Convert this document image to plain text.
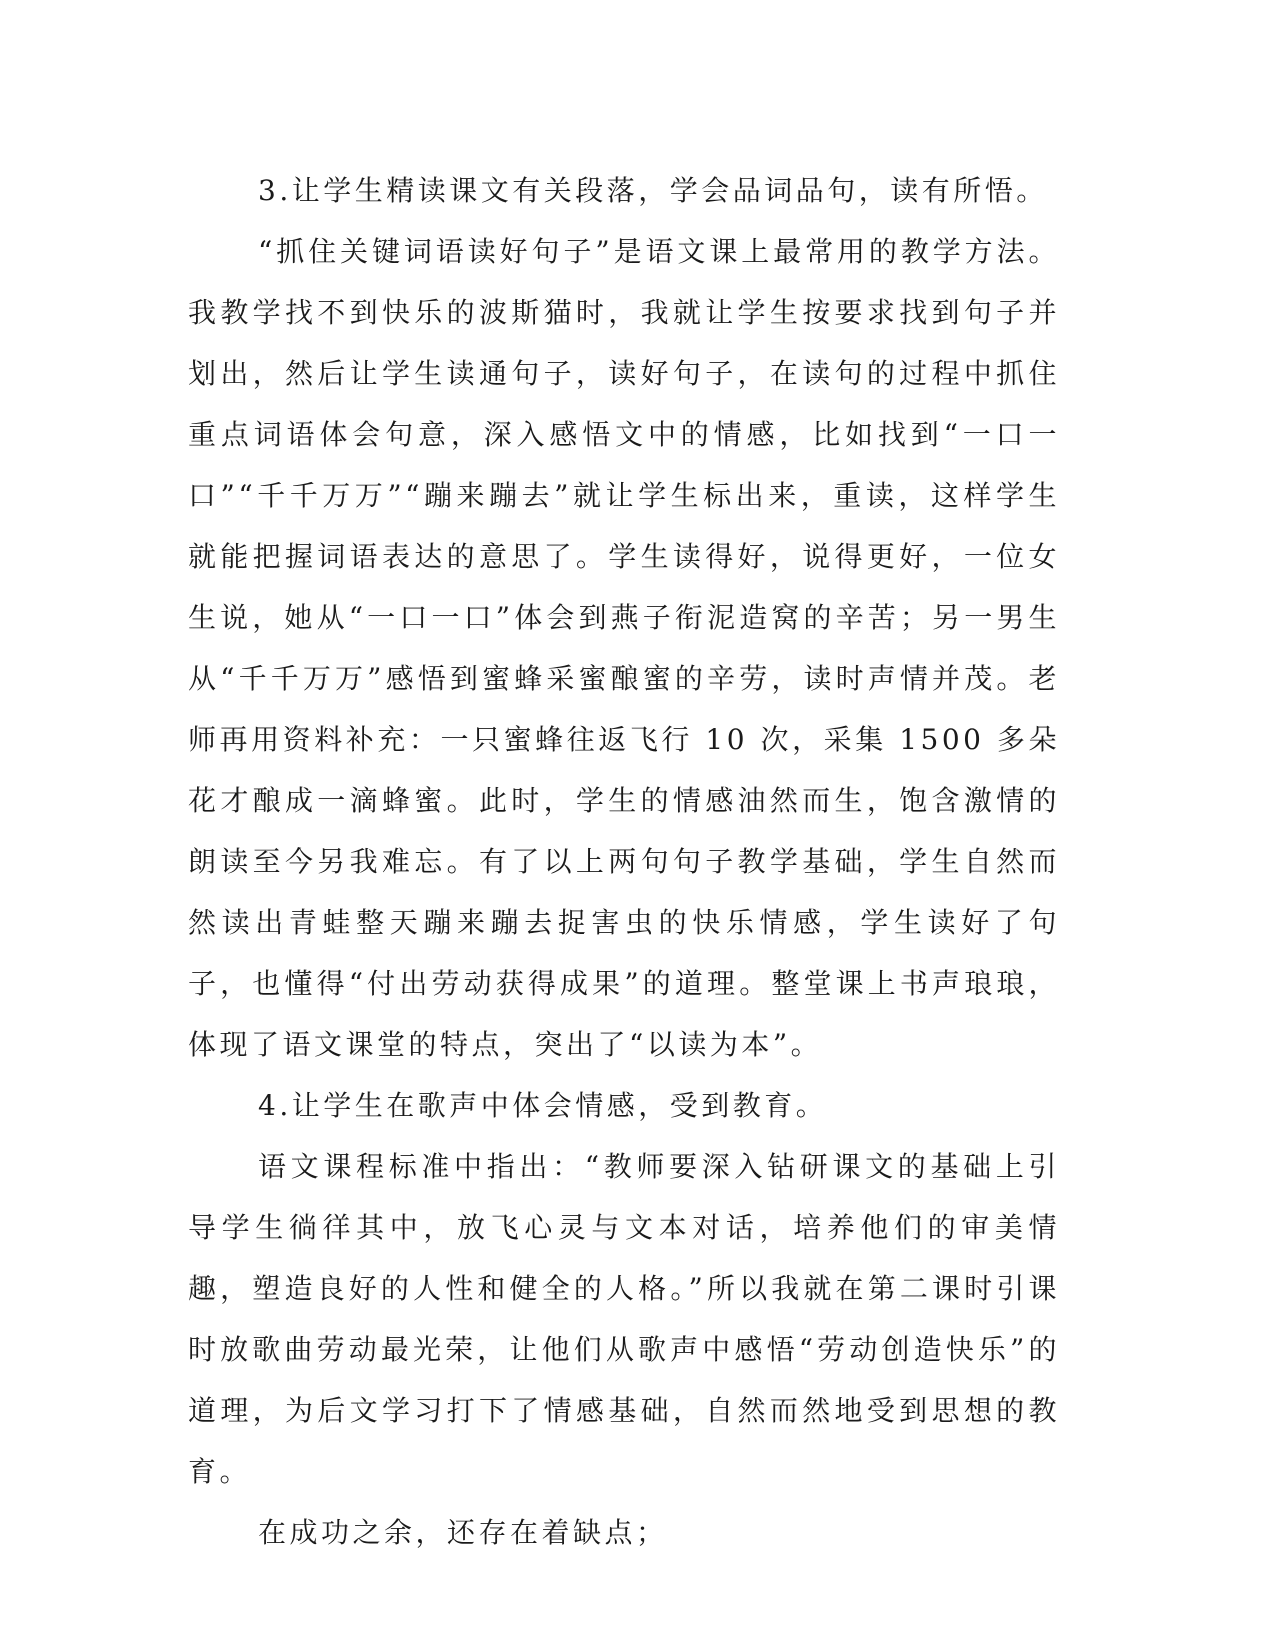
3.让学生精读课文有关段落，学会品词品句，读有所悟。

“抓住关键词语读好句子”是语文课上最常用的教学方法。我教学找不到快乐的波斯猫时，我就让学生按要求找到句子并划出，然后让学生读通句子，读好句子，在读句的过程中抓住重点词语体会句意，深入感悟文中的情感，比如找到“一口一口”“千千万万”“蹦来蹦去”就让学生标出来，重读，这样学生就能把握词语表达的意思了。学生读得好，说得更好，一位女生说，她从“一口一口”体会到燕子衔泥造窝的辛苦；另一男生从“千千万万”感悟到蜜蜂采蜜酿蜜的辛劳，读时声情并茂。老师再用资料补充：一只蜜蜂往返飞行 10 次，采集 1500 多朵花才酿成一滴蜂蜜。此时，学生的情感油然而生，饱含激情的朗读至今另我难忘。有了以上两句句子教学基础，学生自然而然读出青蛙整天蹦来蹦去捉害虫的快乐情感，学生读好了句子，也懂得“付出劳动获得成果”的道理。整堂课上书声琅琅，体现了语文课堂的特点，突出了“以读为本”。

4.让学生在歌声中体会情感，受到教育。

语文课程标准中指出：“教师要深入钻研课文的基础上引导学生徜徉其中，放飞心灵与文本对话，培养他们的审美情趣，塑造良好的人性和健全的人格。”所以我就在第二课时引课时放歌曲劳动最光荣，让他们从歌声中感悟“劳动创造快乐”的道理，为后文学习打下了情感基础，自然而然地受到思想的教育。

在成功之余，还存在着缺点；
